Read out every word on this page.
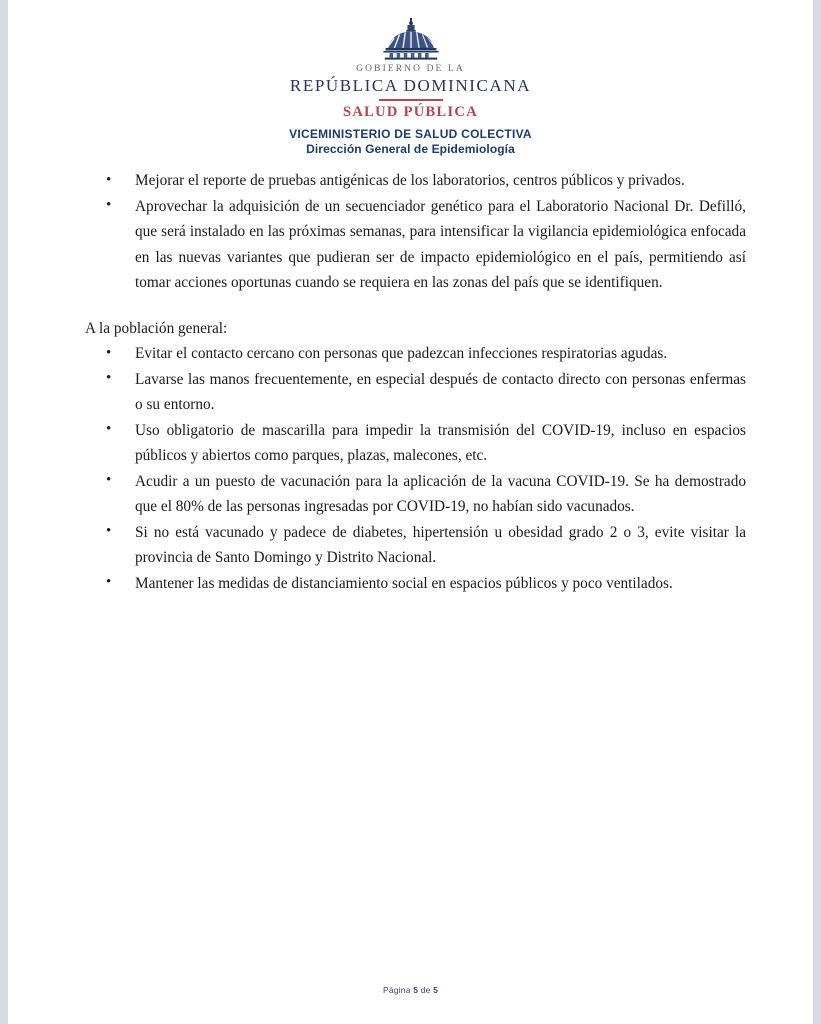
GOBIERNO DE LA
REPÚBLICA DOMINICANA
SALUD PÚBLICA
VICEMINISTERIO DE SALUD COLECTIVA
Dirección General de Epidemiología
• Mejorar el reporte de pruebas antigénicas de los laboratorios, centros públicos y privados.
• Aprovechar la adquisición de un secuenciador genético para el Laboratorio Nacional Dr. Defilló, que será instalado en las próximas semanas, para intensificar la vigilancia epidemiológica enfocada en las nuevas variantes que pudieran ser de impacto epidemiológico en el país, permitiendo así tomar acciones oportunas cuando se requiera en las zonas del país que se identifiquen.

A la población general:

• Evitar el contacto cercano con personas que padezcan infecciones respiratorias agudas.
• Lavarse las manos frecuentemente, en especial después de contacto directo con personas enfermas o su entorno.
• Uso obligatorio de mascarilla para impedir la transmisión del COVID-19, incluso en espacios públicos y abiertos como parques, plazas, malecones, etc.
• Acudir a un puesto de vacunación para la aplicación de la vacuna COVID-19. Se ha demostrado que el 80% de las personas ingresadas por COVID-19, no habían sido vacunados.
• Si no está vacunado y padece de diabetes, hipertensión u obesidad grado 2 o 3, evite visitar la provincia de Santo Domingo y Distrito Nacional.
• Mantener las medidas de distanciamiento social en espacios públicos y poco ventilados.
Página 5 de 5
